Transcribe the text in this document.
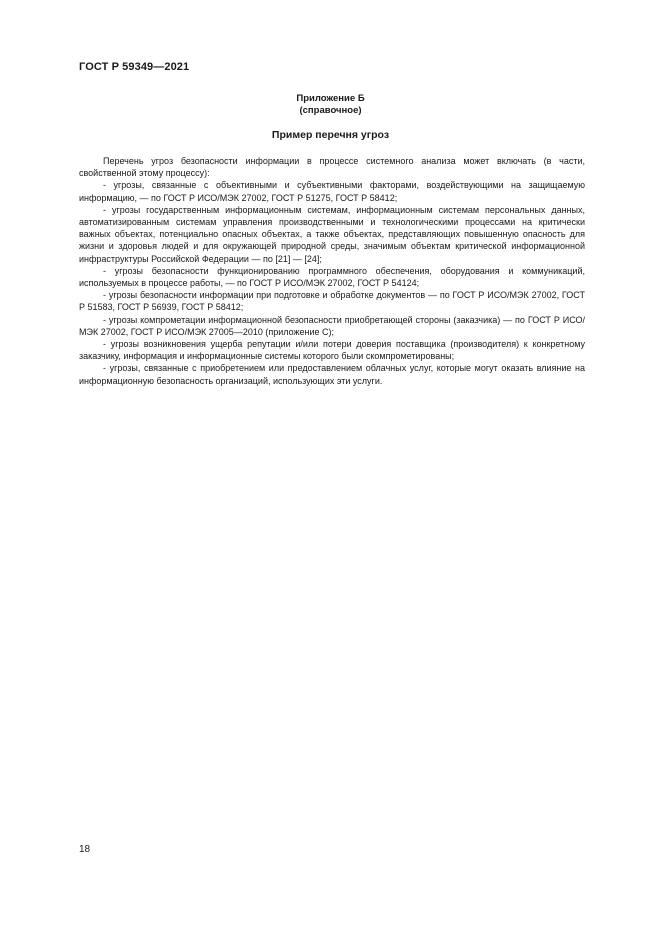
ГОСТ Р 59349—2021
Приложение Б
(справочное)
Пример перечня угроз

Перечень угроз безопасности информации в процессе системного анализа может включать (в части, свойственной этому процессу):

- угрозы, связанные с объективными и субъективными факторами, воздействующими на защищаемую информацию, — по ГОСТ Р ИСО/МЭК 27002, ГОСТ Р 51275, ГОСТ Р 58412;

- угрозы государственным информационным системам, информационным системам персональных данных, автоматизированным системам управления производственными и технологическими процессами на критически важных объектах, потенциально опасных объектах, а также объектах, представляющих повышенную опасность для жизни и здоровья людей и для окружающей природной среды, значимым объектам критической информационной инфраструктуры Российской Федерации — по [21] — [24];

- угрозы безопасности функционированию программного обеспечения, оборудования и коммуникаций, используемых в процессе работы, — по ГОСТ Р ИСО/МЭК 27002, ГОСТ Р 54124;

- угрозы безопасности информации при подготовке и обработке документов — по ГОСТ Р ИСО/МЭК 27002, ГОСТ Р 51583, ГОСТ Р 56939, ГОСТ Р 58412;

- угрозы компрометации информационной безопасности приобретающей стороны (заказчика) — по ГОСТ Р ИСО/МЭК 27002, ГОСТ Р ИСО/МЭК 27005—2010 (приложение С);

- угрозы возникновения ущерба репутации и/или потери доверия поставщика (производителя) к конкретному заказчику, информация и информационные системы которого были скомпрометированы;

- угрозы, связанные с приобретением или предоставлением облачных услуг, которые могут оказать влияние на информационную безопасность организаций, использующих эти услуги.

18
